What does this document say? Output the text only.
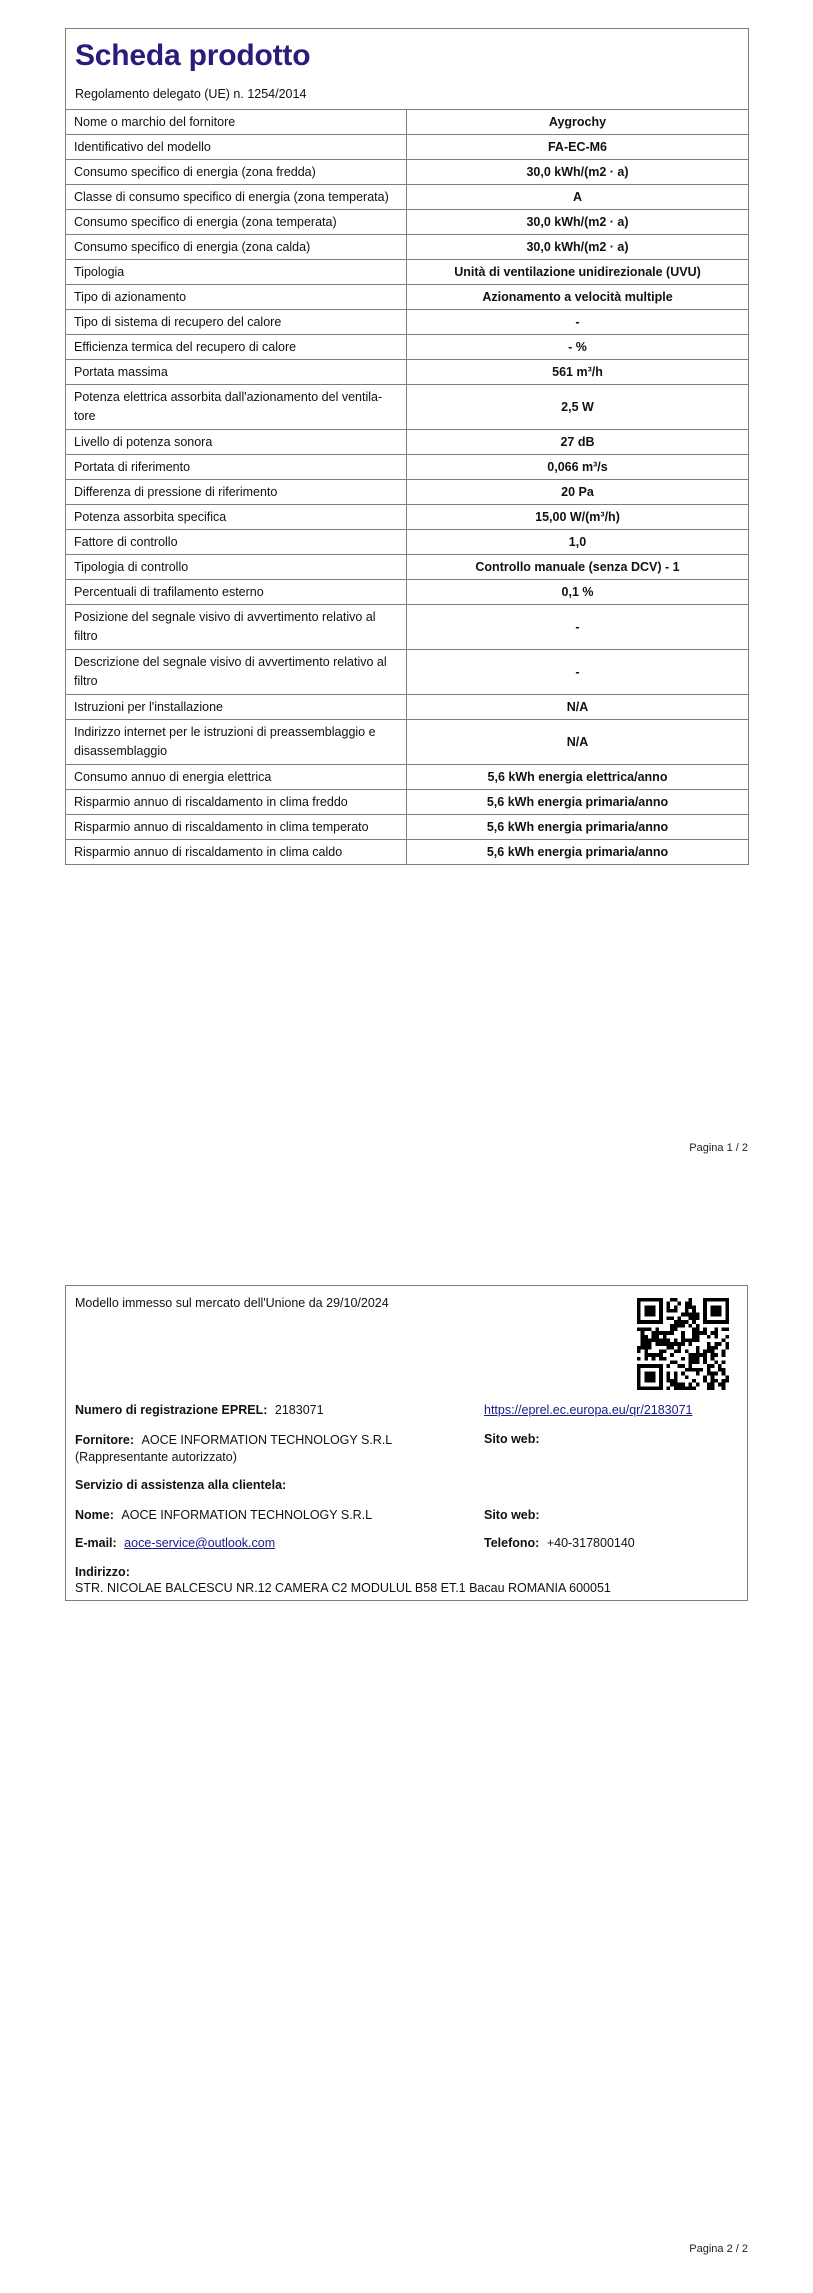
Scheda prodotto
Regolamento delegato (UE) n. 1254/2014
Nome o marchio del fornitore	Aygrochy
Identificativo del modello	FA-EC-M6
Consumo specifico di energia (zona fredda)	30,0 kWh/(m2 · a)
Classe di consumo specifico di energia (zona temperata)	A
Consumo specifico di energia (zona temperata)	30,0 kWh/(m2 · a)
Consumo specifico di energia (zona calda)	30,0 kWh/(m2 · a)
Tipologia	Unità di ventilazione unidirezionale (UVU)
Tipo di azionamento	Azionamento a velocità multiple
Tipo di sistema di recupero del calore	-
Efficienza termica del recupero di calore	- %
Portata massima	561 m³/h
Potenza elettrica assorbita dall'azionamento del ventila-tore	2,5 W
Livello di potenza sonora	27 dB
Portata di riferimento	0,066 m³/s
Differenza di pressione di riferimento	20 Pa
Potenza assorbita specifica	15,00 W/(m³/h)
Fattore di controllo	1,0
Tipologia di controllo	Controllo manuale (senza DCV) - 1
Percentuali di trafilamento esterno	0,1 %
Posizione del segnale visivo di avvertimento relativo al filtro	-
Descrizione del segnale visivo di avvertimento relativo al filtro	-
Istruzioni per l'installazione	N/A
Indirizzo internet per le istruzioni di preassemblaggio e disassemblaggio	N/A
Consumo annuo di energia elettrica	5,6 kWh energia elettrica/anno
Risparmio annuo di riscaldamento in clima freddo	5,6 kWh energia primaria/anno
Risparmio annuo di riscaldamento in clima temperato	5,6 kWh energia primaria/anno
Risparmio annuo di riscaldamento in clima caldo	5,6 kWh energia primaria/anno
Pagina 1 / 2
Modello immesso sul mercato dell'Unione da 29/10/2024
Numero di registrazione EPREL: 2183071	https://eprel.ec.europa.eu/qr/2183071
Fornitore: AOCE INFORMATION TECHNOLOGY S.R.L (Rappresentante autorizzato)
Sito web:
Servizio di assistenza alla clientela:
Nome: AOCE INFORMATION TECHNOLOGY S.R.L	Sito web:
E-mail: aoce-service@outlook.com	Telefono: +40-317800140
Indirizzo:
STR. NICOLAE BALCESCU NR.12 CAMERA C2 MODULUL B58 ET.1 Bacau ROMANIA 600051
Pagina 2 / 2
